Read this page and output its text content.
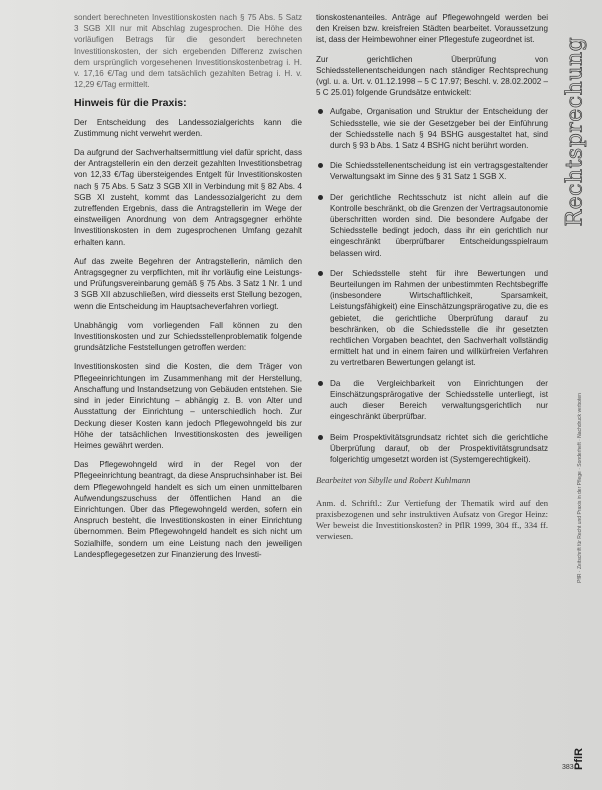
sondert berechneten Investitionskosten nach § 75 Abs. 5 Satz 3 SGB XII nur mit Abschlag zugesprochen. Die Höhe des vorläufigen Betrags für die gesondert berechneten Investitionskosten, der sich ergebenden Differenz zwischen dem ursprünglich vorgesehenen Investitionskostenbetrag i. H. v. 17,16 €/Tag und dem tatsächlich gezahlten Betrag i. H. v. 12,29 €/Tag ermittelt.

Hinweis für die Praxis:

Der Entscheidung des Landessozialgerichts kann die Zustimmung nicht verwehrt werden.

Da aufgrund der Sachverhaltsermittlung viel dafür spricht, dass der Antragstellerin ein den derzeit gezahlten Investitionsbetrag von 12,33 €/Tag übersteigendes Entgelt für Investitionskosten nach § 75 Abs. 5 Satz 3 SGB XII in Verbindung mit § 82 Abs. 4 SGB XI zusteht, kommt das Landessozialgericht zu dem zutreffenden Ergebnis, dass die Antragstellerin im Wege der einstweiligen Anordnung von dem Antragsgegner erhöhte Investitionskosten in dem zugesprochenen Umfang gezahlt erhalten kann.

Auf das zweite Begehren der Antragstellerin, nämlich den Antragsgegner zu verpflichten, mit ihr vorläufig eine Leistungs- und Prüfungsvereinbarung gemäß § 75 Abs. 3 Satz 1 Nr. 1 und 3 SGB XII abzuschließen, wird diesseits erst Stellung bezogen, wenn die Entscheidung im Hauptsacheverfahren vorliegt.

Unabhängig vom vorliegenden Fall können zu den Investitionskosten und zur Schiedsstellenproblematik folgende grundsätzliche Feststellungen getroffen werden:

Investitionskosten sind die Kosten, die dem Träger von Pflegeeinrichtungen im Zusammenhang mit der Herstellung, Anschaffung und Instandsetzung von Gebäuden entstehen. Sie sind in jeder Einrichtung – abhängig z. B. von Alter und Ausstattung der Einrichtung – unterschiedlich hoch. Zur Deckung dieser Kosten kann jedoch Pflegewohngeld bis zur Höhe der tatsächlichen Investitionskosten des jeweiligen Heimes gewährt werden.

Das Pflegewohngeld wird in der Regel von der Pflegeeinrichtung beantragt, da diese Anspruchsinhaber ist. Bei dem Pflegewohngeld handelt es sich um einen unmittelbaren Aufwendungszuschuss der öffentlichen Hand an die Einrichtungen. Über das Pflegewohngeld werden, sofern ein Anspruch besteht, die Investitionskosten in einer Einrichtung übernommen. Beim Pflegewohngeld handelt es sich nicht um Sozialhilfe, sondern um eine Leistung nach den jeweiligen Landespflegegesetzen zur Finanzierung des Investi-

tionskostenanteiles. Anträge auf Pflegewohngeld werden bei den Kreisen bzw. kreisfreien Städten bearbeitet. Voraussetzung ist, dass der Heimbewohner einer Pflegestufe zugeordnet ist.

Zur gerichtlichen Überprüfung von Schiedsstellenentscheidungen nach ständiger Rechtsprechung (vgl. u. a. Urt. v. 01.12.1998 – 5 C 17.97; Beschl. v. 28.02.2002 – 5 C 25.01) folgende Grundsätze entwickelt:

Aufgabe, Organisation und Struktur der Entscheidung der Schiedsstelle, wie sie der Gesetzgeber bei der Einführung der Schiedsstelle nach § 94 BSHG ausgestaltet hat, sind durch § 93 b Abs. 1 Satz 4 BSHG nicht berührt worden.
Die Schiedsstellenentscheidung ist ein vertragsgestaltender Verwaltungsakt im Sinne des § 31 Satz 1 SGB X.
Der gerichtliche Rechtsschutz ist nicht allein auf die Kontrolle beschränkt, ob die Grenzen der Vertragsautonomie überschritten worden sind. Die besondere Aufgabe der Schiedsstelle bedingt jedoch, dass ihr ein gerichtlich nur eingeschränkt überprüfbarer Entscheidungsspielraum belassen wird.
Der Schiedsstelle steht für ihre Bewertungen und Beurteilungen im Rahmen der unbestimmten Rechtsbegriffe (insbesondere Wirtschaftlichkeit, Sparsamkeit, Leistungsfähigkeit) eine Einschätzungsprärogative zu, die es gebietet, die gerichtliche Überprüfung darauf zu beschränken, ob die Schiedsstelle die ihr gesetzten rechtlichen Vorgaben beachtet, den Sachverhalt vollständig ermittelt hat und in einem fairen und willkürfreien Verfahren zu vertretbaren Bewertungen gelangt ist.
Da die Vergleichbarkeit von Einrichtungen der Einschätzungsprärogative der Schiedsstelle unterliegt, ist auch dieser Bereich verwaltungsgerichtlich nur eingeschränkt überprüfbar.
Beim Prospektivitätsgrundsatz richtet sich die gerichtliche Überprüfung darauf, ob der Prospektivitätsgrundsatz folgerichtig umgesetzt worden ist (Systemgerechtigkeit).
Bearbeitet von Sibylle und Robert Kuhlmann
Anm. d. Schriftl.: Zur Vertiefung der Thematik wird auf den praxisbezogenen und sehr instruktiven Aufsatz von Gregor Heinz: Wer beweist die Investitionskosten? in PflR 1999, 304 ff., 334 ff. verwiesen.
Rechtsprechung
PflR · Zeitschrift für Recht und Praxis in der Pflege · Sonderheft · Nachdruck verboten
PflR
383
